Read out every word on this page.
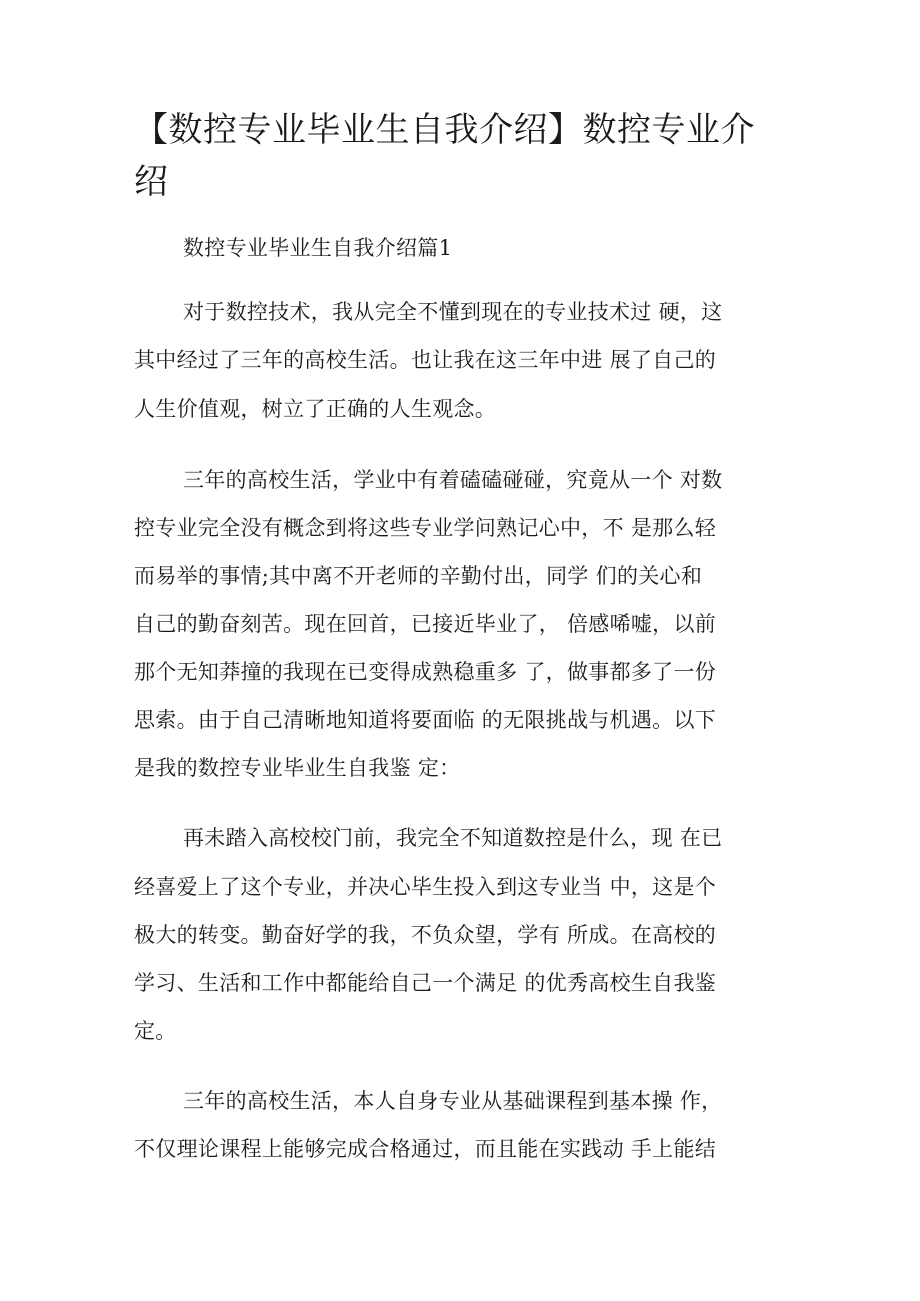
【数控专业毕业生自我介绍】数控专业介
绍
数控专业毕业生自我介绍篇1
对于数控技术，我从完全不懂到现在的专业技术过 硬，这
其中经过了三年的高校生活。也让我在这三年中进 展了自己的
人生价值观，树立了正确的人生观念。
三年的高校生活，学业中有着磕磕碰碰，究竟从一个 对数
控专业完全没有概念到将这些专业学问熟记心中，不 是那么轻
而易举的事情;其中离不开老师的辛勤付出，同学 们的关心和
自己的勤奋刻苦。现在回首，已接近毕业了， 倍感唏嘘，以前
那个无知莽撞的我现在已变得成熟稳重多 了，做事都多了一份
思索。由于自己清晰地知道将要面临 的无限挑战与机遇。以下
是我的数控专业毕业生自我鉴 定：
再未踏入高校校门前，我完全不知道数控是什么，现 在已
经喜爱上了这个专业，并决心毕生投入到这专业当 中，这是个
极大的转变。勤奋好学的我，不负众望，学有 所成。在高校的
学习、生活和工作中都能给自己一个满足 的优秀高校生自我鉴
定。
三年的高校生活，本人自身专业从基础课程到基本操 作，
不仅理论课程上能够完成合格通过，而且能在实践动 手上能结
